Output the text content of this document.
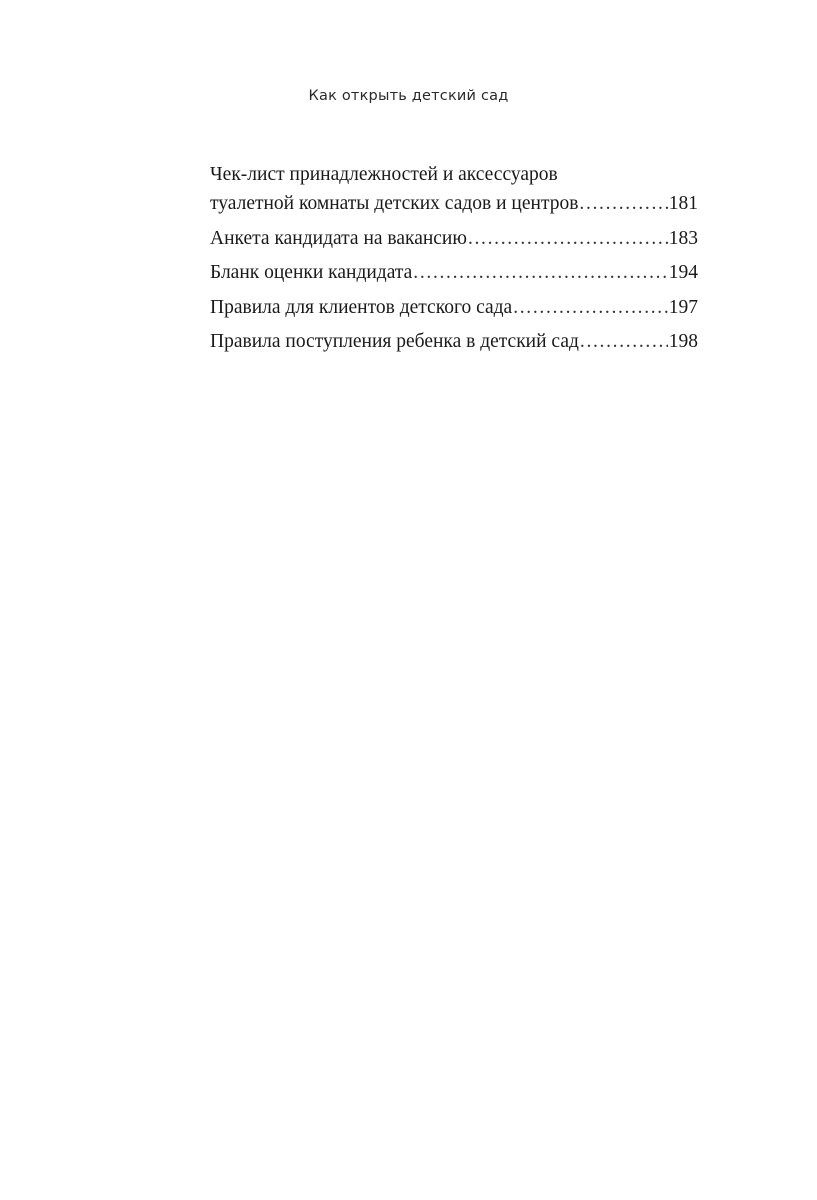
Как открыть детский сад
Чек-лист принадлежностей и аксессуаров
туалетной комнаты детских садов и центров . . .	181
Анкета кандидата на вакансию . . .	183
Бланк оценки кандидата . . .	194
Правила для клиентов детского сада . . .	197
Правила поступления ребенка в детский сад . . .	198
